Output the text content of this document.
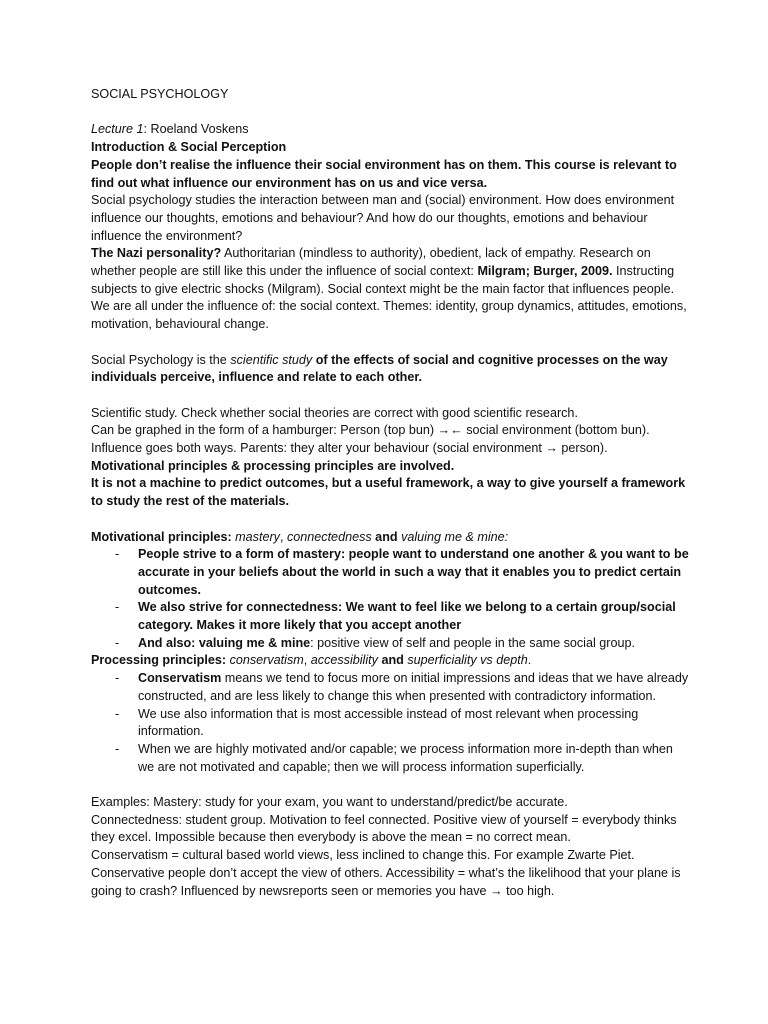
SOCIAL PSYCHOLOGY

Lecture 1: Roeland Voskens

Introduction & Social Perception

People don’t realise the influence their social environment has on them. This course is relevant to find out what influence our environment has on us and vice versa.

Social psychology studies the interaction between man and (social) environment. How does environment influence our thoughts, emotions and behaviour? And how do our thoughts, emotions and behaviour influence the environment?

The Nazi personality? Authoritarian (mindless to authority), obedient, lack of empathy. Research on whether people are still like this under the influence of social context: Milgram; Burger, 2009. Instructing subjects to give electric shocks (Milgram). Social context might be the main factor that influences people. We are all under the influence of: the social context. Themes: identity, group dynamics, attitudes, emotions, motivation, behavioural change.

Social Psychology is the scientific study of the effects of social and cognitive processes on the way individuals perceive, influence and relate to each other.

Scientific study. Check whether social theories are correct with good scientific research.

Can be graphed in the form of a hamburger: Person (top bun) →← social environment (bottom bun).

Influence goes both ways. Parents: they alter your behaviour (social environment → person).

Motivational principles & processing principles are involved.

It is not a machine to predict outcomes, but a useful framework, a way to give yourself a framework to study the rest of the materials.

Motivational principles: mastery, connectedness and valuing me & mine:

- People strive to a form of mastery: people want to understand one another & you want to be accurate in your beliefs about the world in such a way that it enables you to predict certain outcomes.
- We also strive for connectedness: We want to feel like we belong to a certain group/social category. Makes it more likely that you accept another
- And also: valuing me & mine: positive view of self and people in the same social group.

Processing principles: conservatism, accessibility and superficiality vs depth.

- Conservatism means we tend to focus more on initial impressions and ideas that we have already constructed, and are less likely to change this when presented with contradictory information.
- We use also information that is most accessible instead of most relevant when processing information.
- When we are highly motivated and/or capable; we process information more in-depth than when we are not motivated and capable; then we will process information superficially.

Examples: Mastery: study for your exam, you want to understand/predict/be accurate.

Connectedness: student group. Motivation to feel connected. Positive view of yourself = everybody thinks they excel. Impossible because then everybody is above the mean = no correct mean.

Conservatism = cultural based world views, less inclined to change this. For example Zwarte Piet. Conservative people don’t accept the view of others. Accessibility = what’s the likelihood that your plane is going to crash? Influenced by newsreports seen or memories you have → too high.
